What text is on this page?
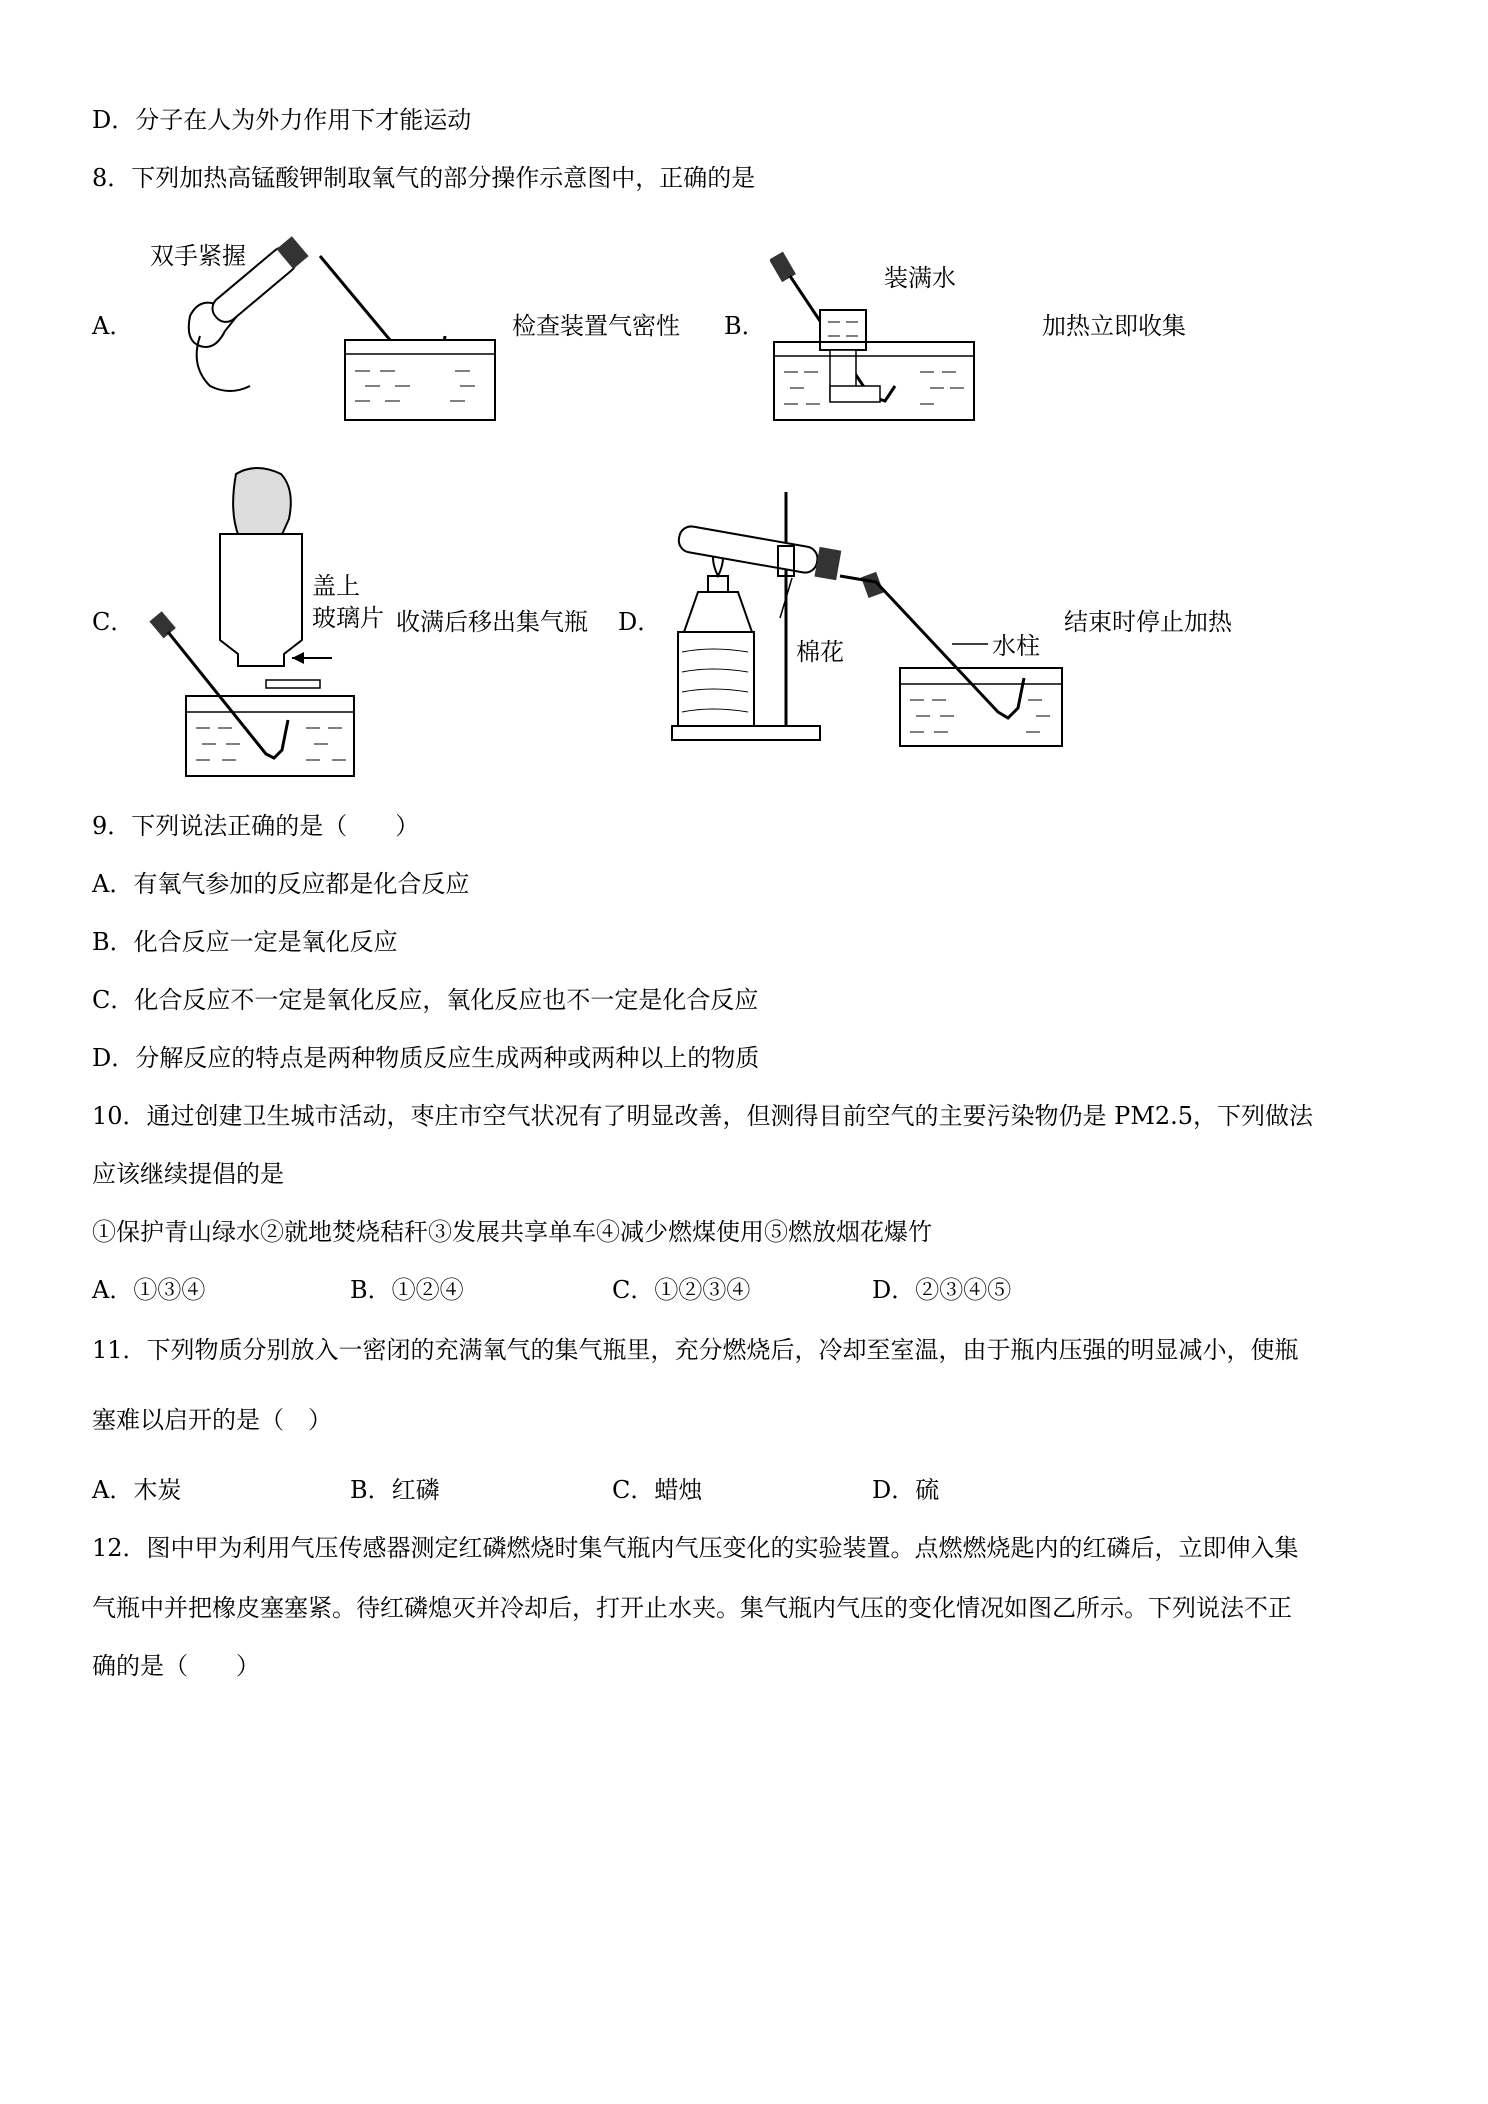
D．分子在人为外力作用下才能运动
8．下列加热高锰酸钾制取氧气的部分操作示意图中，正确的是
A．
双手紧握
检查装置气密性 B．
装满水
加热立即收集
C．
盖上
玻璃片 收满后移出集气瓶 D．
棉花	水柱
结束时停止加热
9．下列说法正确的是（　　）
A．有氧气参加的反应都是化合反应
B．化合反应一定是氧化反应
C．化合反应不一定是氧化反应，氧化反应也不一定是化合反应
D．分解反应的特点是两种物质反应生成两种或两种以上的物质
10．通过创建卫生城市活动，枣庄市空气状况有了明显改善，但测得目前空气的主要污染物仍是 PM2.5，下列做法
应该继续提倡的是
①保护青山绿水②就地焚烧秸秆③发展共享单车④减少燃煤使用⑤燃放烟花爆竹
A．①③④	B．①②④	C．①②③④	D．②③④⑤
11．下列物质分别放入一密闭的充满氧气的集气瓶里，充分燃烧后，冷却至室温，由于瓶内压强的明显减小，使瓶
塞难以启开的是（　）
A．木炭	B．红磷	C．蜡烛	D．硫
12．图中甲为利用气压传感器测定红磷燃烧时集气瓶内气压变化的实验装置。点燃燃烧匙内的红磷后，立即伸入集
气瓶中并把橡皮塞塞紧。待红磷熄灭并冷却后，打开止水夹。集气瓶内气压的变化情况如图乙所示。下列说法不正
确的是（　　）
